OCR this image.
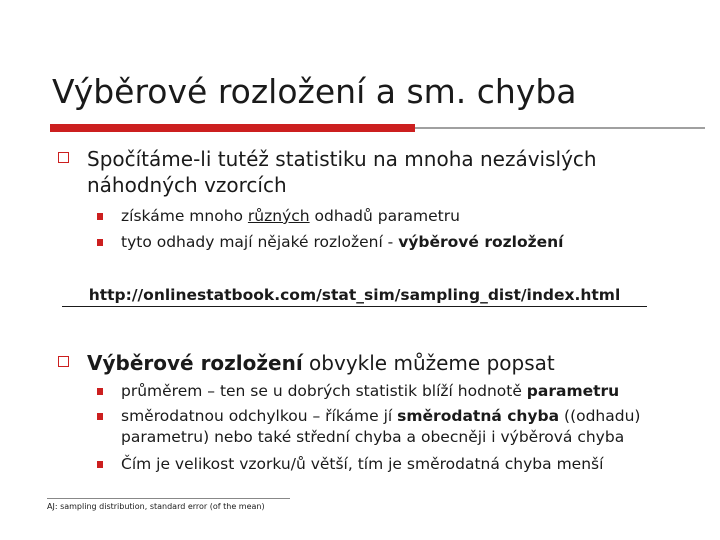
Výběrové rozložení a sm. chyba
Spočítáme-li tutéž statistiku na mnoha nezávislých náhodných vzorcích
získáme mnoho různých odhadů parametru
tyto odhady mají nějaké rozložení - výběrové rozložení
http://onlinestatbook.com/stat_sim/sampling_dist/index.html
Výběrové rozložení obvykle můžeme popsat
průměrem – ten se u dobrých statistik blíží hodnotě parametru
směrodatnou odchylkou – říkáme jí směrodatná chyba ((odhadu) parametru) nebo také střední chyba a obecněji i výběrová chyba
Čím je velikost vzorku/ů větší, tím je směrodatná chyba menší
AJ: sampling distribution, standard error (of the mean)
